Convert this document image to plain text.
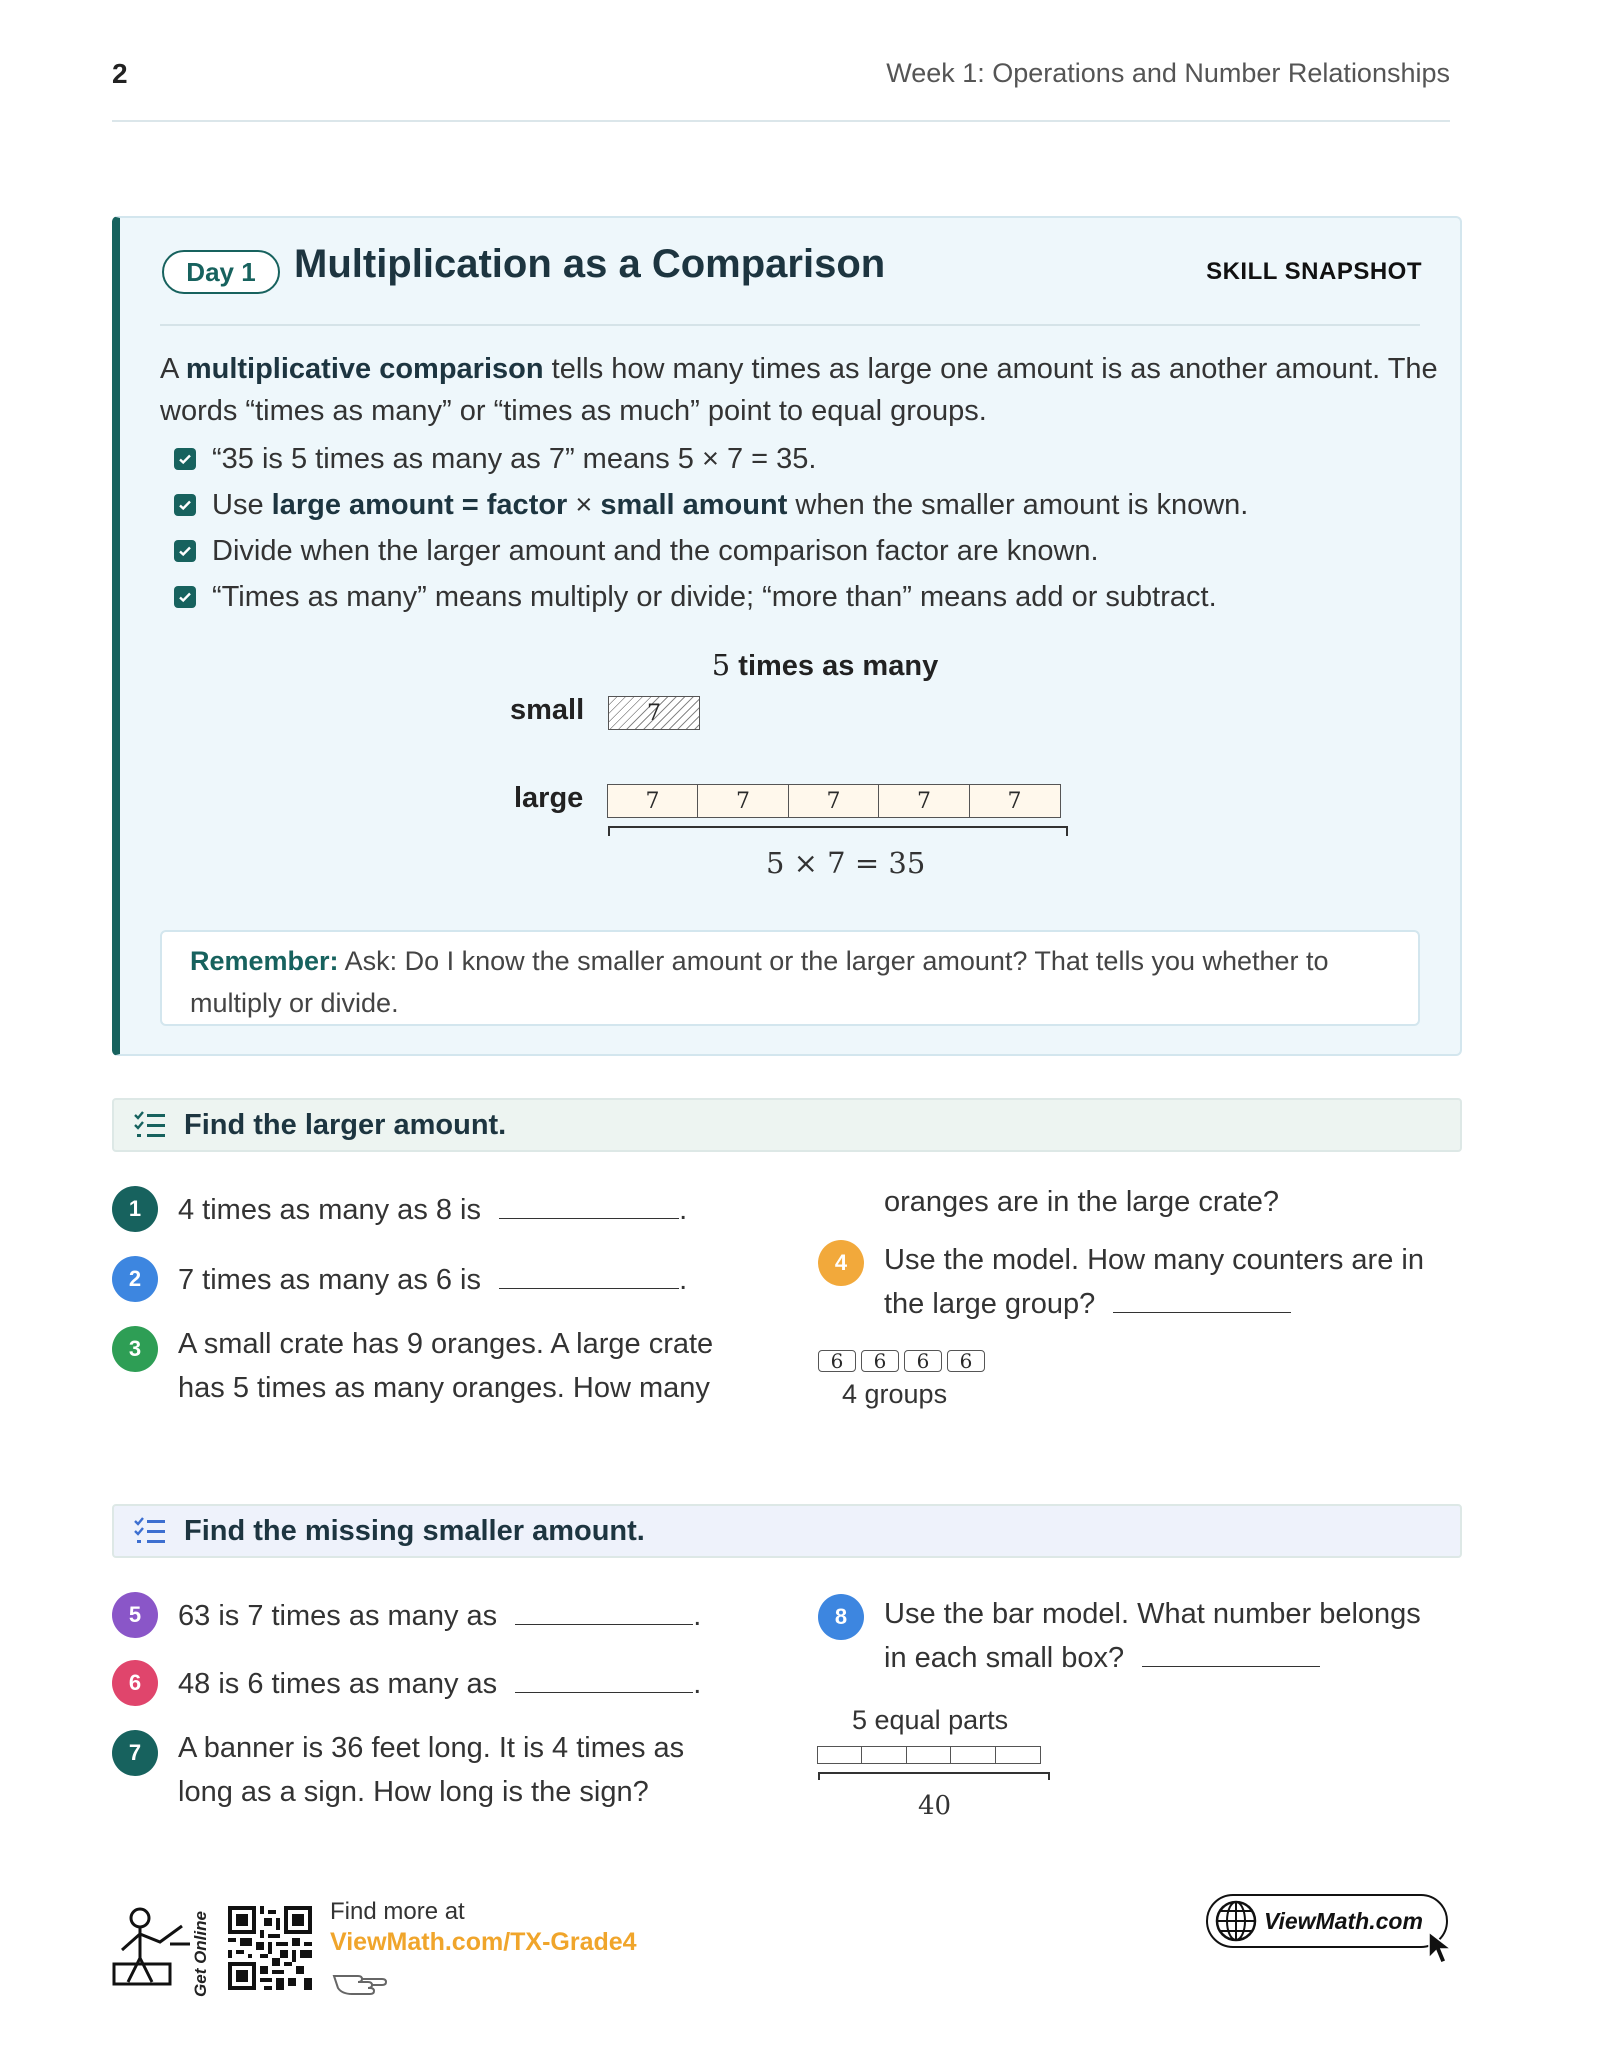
2	Week 1: Operations and Number Relationships
Day 1 Multiplication as a Comparison	SKILL SNAPSHOT

A multiplicative comparison tells how many times as large one amount is as another amount. The words “times as many” or “times as much” point to equal groups.

“35 is 5 times as many as 7” means 5 × 7 = 35.
Use large amount = factor × small amount when the smaller amount is known.
Divide when the larger amount and the comparison factor are known.
“Times as many” means multiply or divide; “more than” means add or subtract.
5 times as many
small	7
large	7	7	7	7	7
5 × 7 = 35
Remember: Ask: Do I know the smaller amount or the larger amount? That tells you whether to multiply or divide.
Find the larger amount.
1	4 times as many as 8 is	.
2	7 times as many as 6 is	.
3	A small crate has 9 oranges. A large crate
has 5 times as many oranges. How many
oranges are in the large crate?
4	Use the model. How many counters are in
the large group?
6	6	6	6
4 groups
Find the missing smaller amount.
5	63 is 7 times as many as	.
6	48 is 6 times as many as	.
7	A banner is 36 feet long. It is 4 times as
long as a sign. How long is the sign?
8	Use the bar model. What number belongs
in each small box?
5 equal parts
40
Get Online	Find more at
ViewMath.com/TX-Grade4
ViewMath.com
